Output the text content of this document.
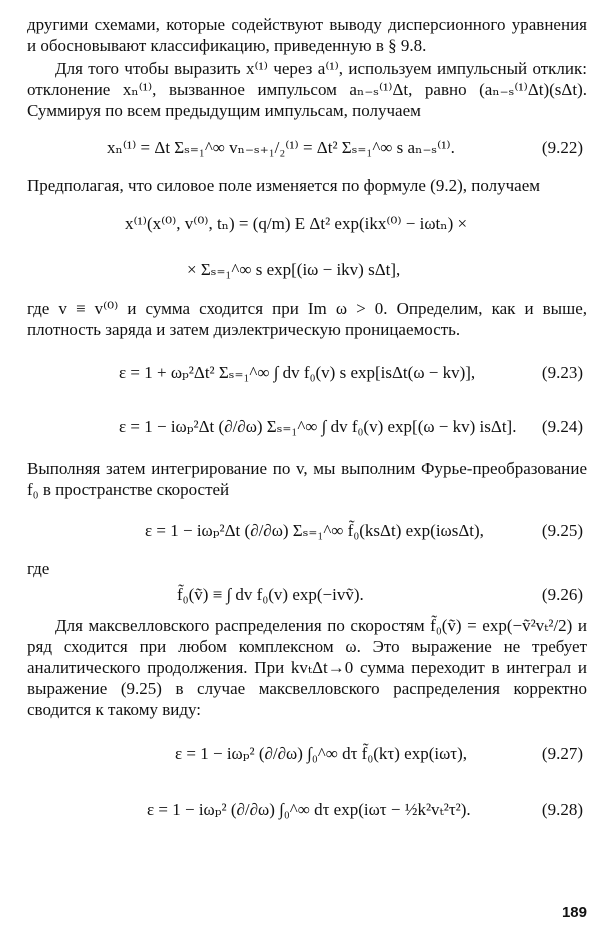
другими схемами, которые содействуют выводу дисперсионного уравнения и обосновывают классификацию, приведенную в § 9.8.

Для того чтобы выразить x⁽¹⁾ через a⁽¹⁾, используем импульсный отклик: отклонение xₙ⁽¹⁾, вызванное импульсом aₙ₋ₛ⁽¹⁾Δt, равно (aₙ₋ₛ⁽¹⁾Δt)(sΔt). Суммируя по всем предыдущим импульсам, получаем

xₙ⁽¹⁾ = Δt Σₛ₌₁^∞ vₙ₋ₛ₊₁/₂⁽¹⁾ = Δt² Σₛ₌₁^∞ s aₙ₋ₛ⁽¹⁾.	(9.22)

Предполагая, что силовое поле изменяется по формуле (9.2), получаем

x⁽¹⁾(x⁽⁰⁾, v⁽⁰⁾, tₙ) = (q/m) E Δt² exp(ikx⁽⁰⁾ − iωtₙ) ×
× Σₛ₌₁^∞ s exp[(iω − ikv) sΔt],

где v ≡ v⁽⁰⁾ и сумма сходится при Im ω > 0. Определим, как и выше, плотность заряда и затем диэлектрическую проницаемость.

ε = 1 + ωₚ²Δt² Σₛ₌₁^∞ ∫ dv f₀(v) s exp[isΔt(ω − kv)],	(9.23)
ε = 1 − iωₚ²Δt (∂/∂ω) Σₛ₌₁^∞ ∫ dv f₀(v) exp[(ω − kv) isΔt]. (9.24)

Выполняя затем интегрирование по v, мы выполним Фурье-преобразование f₀ в пространстве скоростей

ε = 1 − iωₚ²Δt (∂/∂ω) Σₛ₌₁^∞ f̃₀(ksΔt) exp(iωsΔt),	(9.25)

где

f̃₀(ṽ) ≡ ∫ dv f₀(v) exp(−ivṽ).	(9.26)

Для максвелловского распределения по скоростям f̃₀(ṽ) = exp(−ṽ²vₜ²/2) и ряд сходится при любом комплексном ω. Это выражение не требует аналитического продолжения. При kvₜΔt→0 сумма переходит в интеграл и выражение (9.25) в случае максвелловского распределения корректно сводится к такому виду:

ε = 1 − iωₚ² (∂/∂ω) ∫₀^∞ dτ f̃₀(kτ) exp(iωτ),	(9.27)
ε = 1 − iωₚ² (∂/∂ω) ∫₀^∞ dτ exp(iωτ − ½k²vₜ²τ²).	(9.28)
189
